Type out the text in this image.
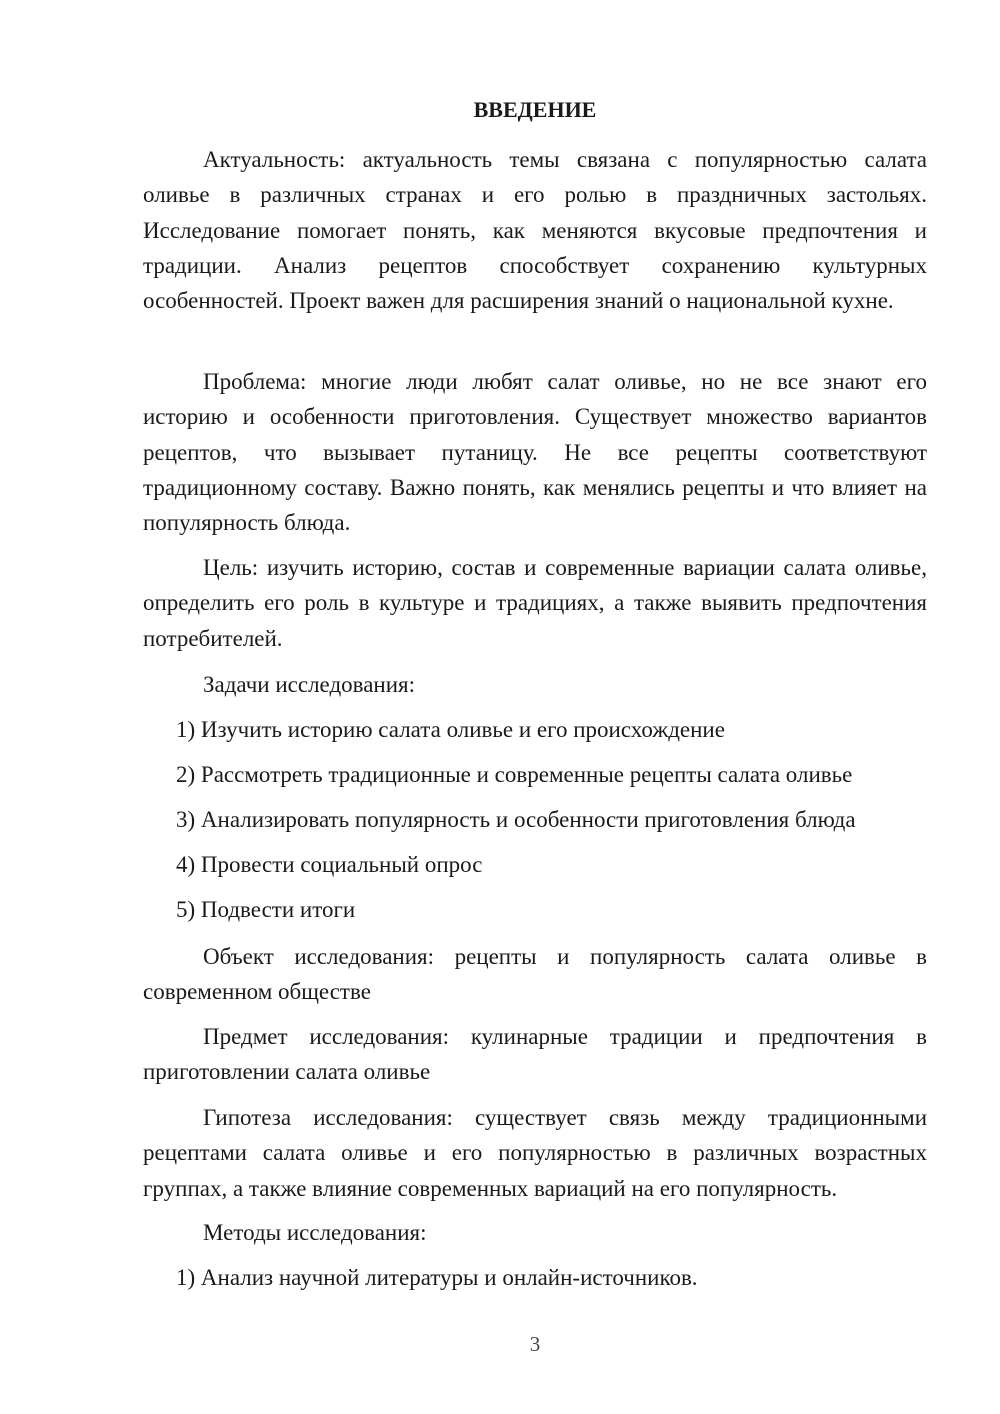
ВВЕДЕНИЕ

Актуальность: актуальность темы связана с популярностью салата оливье в различных странах и его ролью в праздничных застольях. Исследование помогает понять, как меняются вкусовые предпочтения и традиции. Анализ рецептов способствует сохранению культурных особенностей. Проект важен для расширения знаний о национальной кухне.

Проблема: многие люди любят салат оливье, но не все знают его историю и особенности приготовления. Существует множество вариантов рецептов, что вызывает путаницу. Не все рецепты соответствуют традиционному составу. Важно понять, как менялись рецепты и что влияет на популярность блюда.

Цель: изучить историю, состав и современные вариации салата оливье, определить его роль в культуре и традициях, а также выявить предпочтения потребителей.

Задачи исследования:

1) Изучить историю салата оливье и его происхождение

2) Рассмотреть традиционные и современные рецепты салата оливье

3) Анализировать популярность и особенности приготовления блюда

4) Провести социальный опрос

5) Подвести итоги

Объект исследования: рецепты и популярность салата оливье в современном обществе

Предмет исследования: кулинарные традиции и предпочтения в приготовлении салата оливье

Гипотеза исследования: существует связь между традиционными рецептами салата оливье и его популярностью в различных возрастных группах, а также влияние современных вариаций на его популярность.

Методы исследования:

1) Анализ научной литературы и онлайн-источников.

3
